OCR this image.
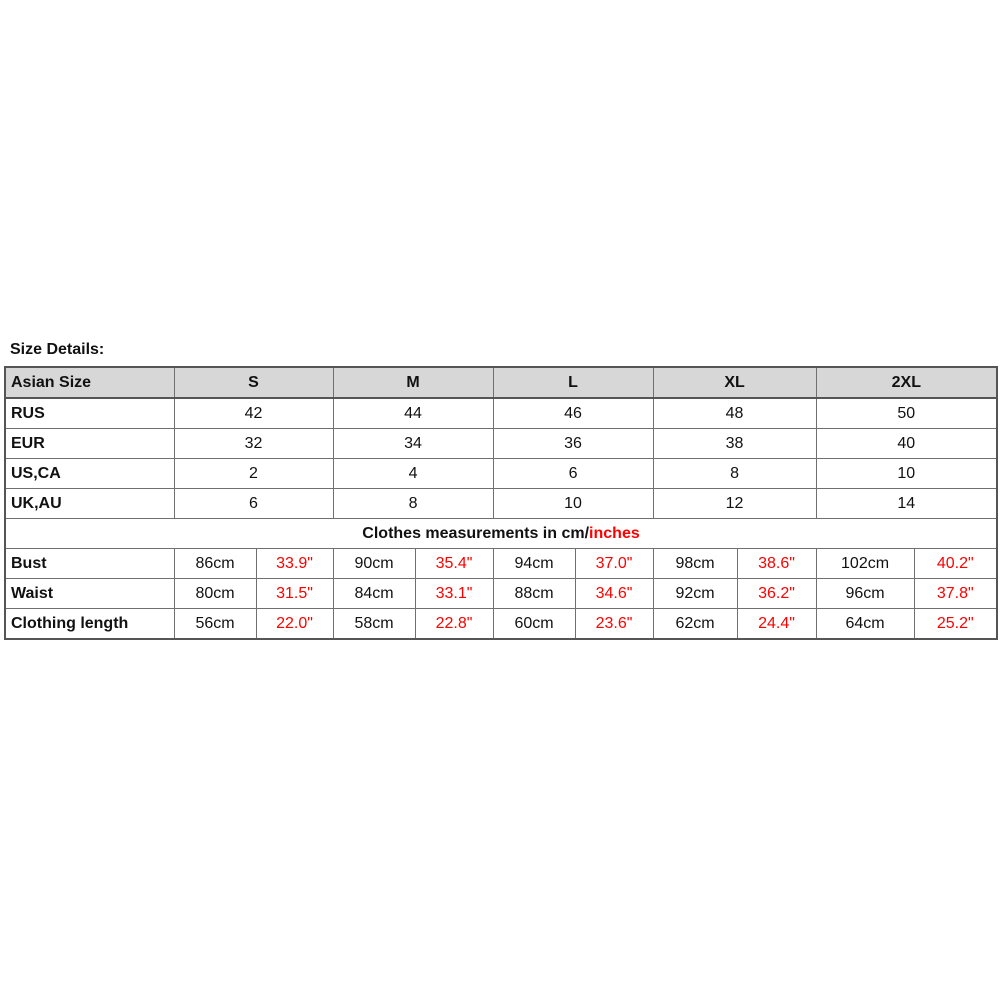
Size Details:
Asian Size	S		M		L		XL		2XL	
RUS	42		44		46		48		50	
EUR	32		34		36		38		40	
US,CA	2		4		6		8		10	
UK,AU	6		8		10		12		14	
Clothes measurements in cm/inches										
Bust	86cm	33.9"	90cm	35.4"	94cm	37.0"	98cm	38.6"	102cm	40.2"
Waist	80cm	31.5"	84cm	33.1"	88cm	34.6"	92cm	36.2"	96cm	37.8"
Clothing length	56cm	22.0"	58cm	22.8"	60cm	23.6"	62cm	24.4"	64cm	25.2"
